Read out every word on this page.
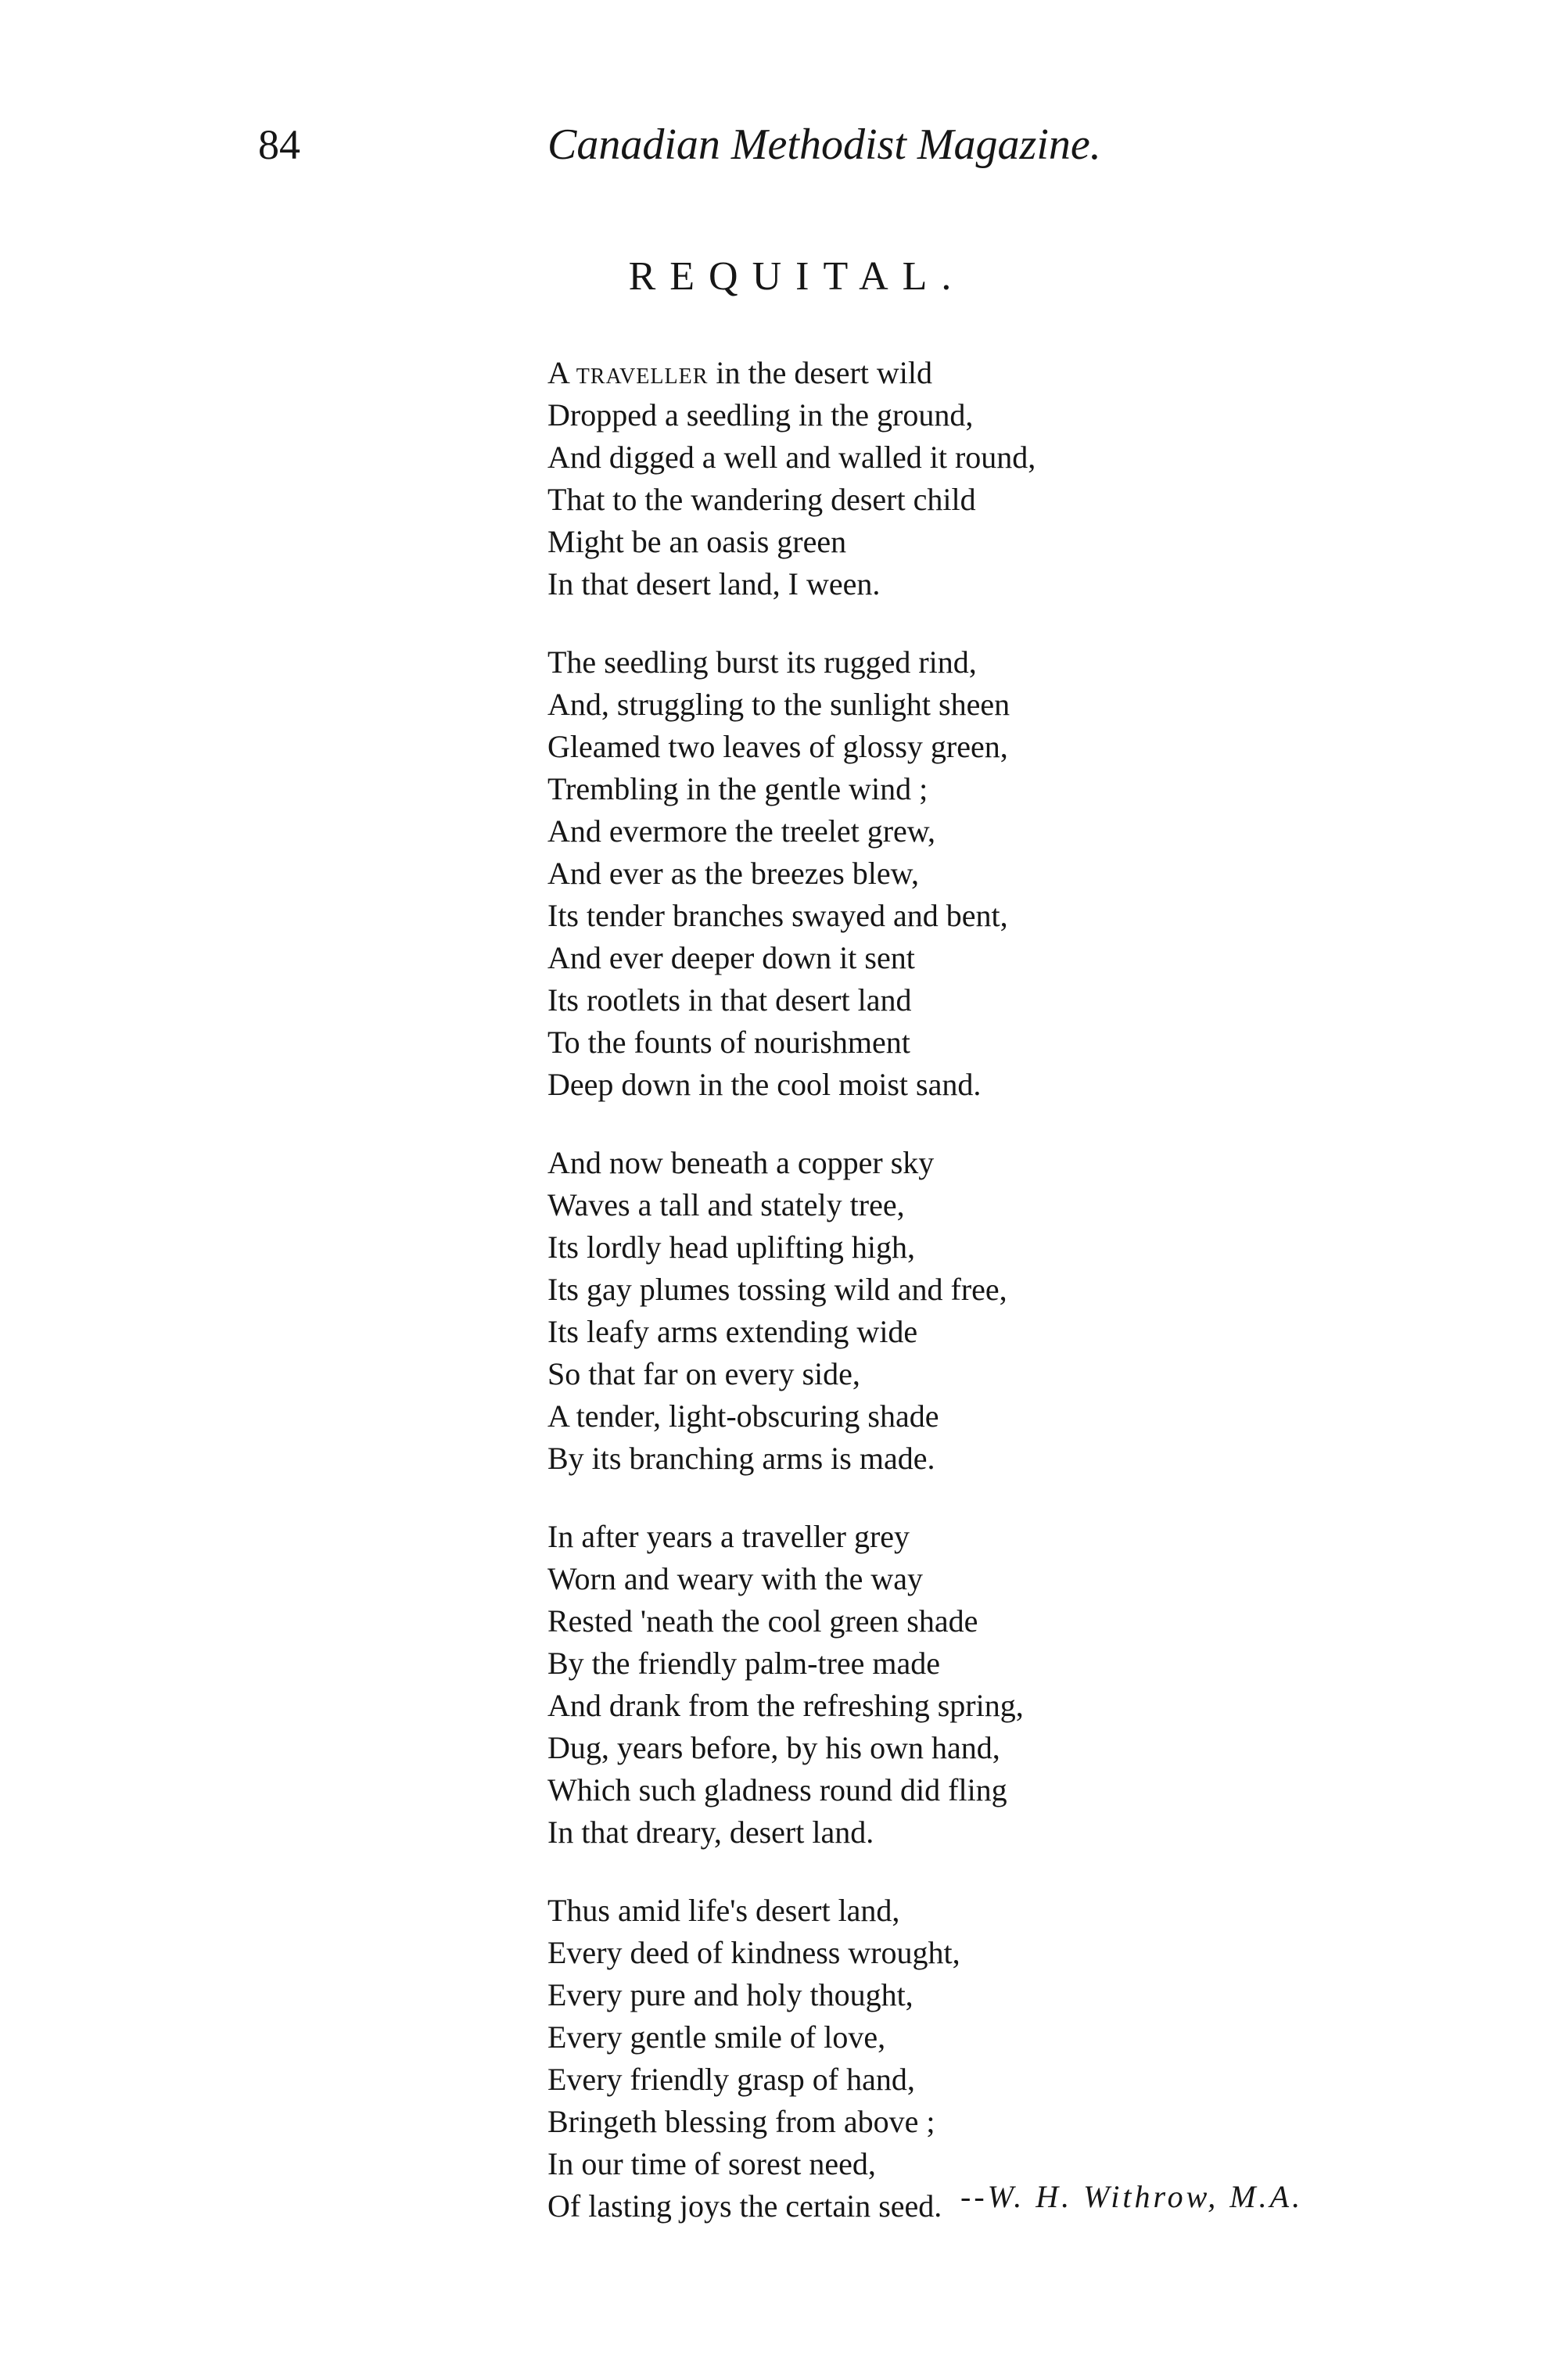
84	Canadian Methodist Magazine.
REQUITAL.
A traveller in the desert wild
Dropped a seedling in the ground,
And digged a well and walled it round,
That to the wandering desert child
Might be an oasis green
In that desert land, I ween.
The seedling burst its rugged rind,
And, struggling to the sunlight sheen
Gleamed two leaves of glossy green,
Trembling in the gentle wind ;
And evermore the treelet grew,
And ever as the breezes blew,
Its tender branches swayed and bent,
And ever deeper down it sent
Its rootlets in that desert land
To the founts of nourishment
Deep down in the cool moist sand.
And now beneath a copper sky
Waves a tall and stately tree,
Its lordly head uplifting high,
Its gay plumes tossing wild and free,
Its leafy arms extending wide
So that far on every side,
A tender, light-obscuring shade
By its branching arms is made.
In after years a traveller grey
Worn and weary with the way
Rested 'neath the cool green shade
By the friendly palm-tree made
And drank from the refreshing spring,
Dug, years before, by his own hand,
Which such gladness round did fling
In that dreary, desert land.
Thus amid life's desert land,
Every deed of kindness wrought,
Every pure and holy thought,
Every gentle smile of love,
Every friendly grasp of hand,
Bringeth blessing from above ;
In our time of sorest need,
Of lasting joys the certain seed. --W. H. Withrow, M.A.
